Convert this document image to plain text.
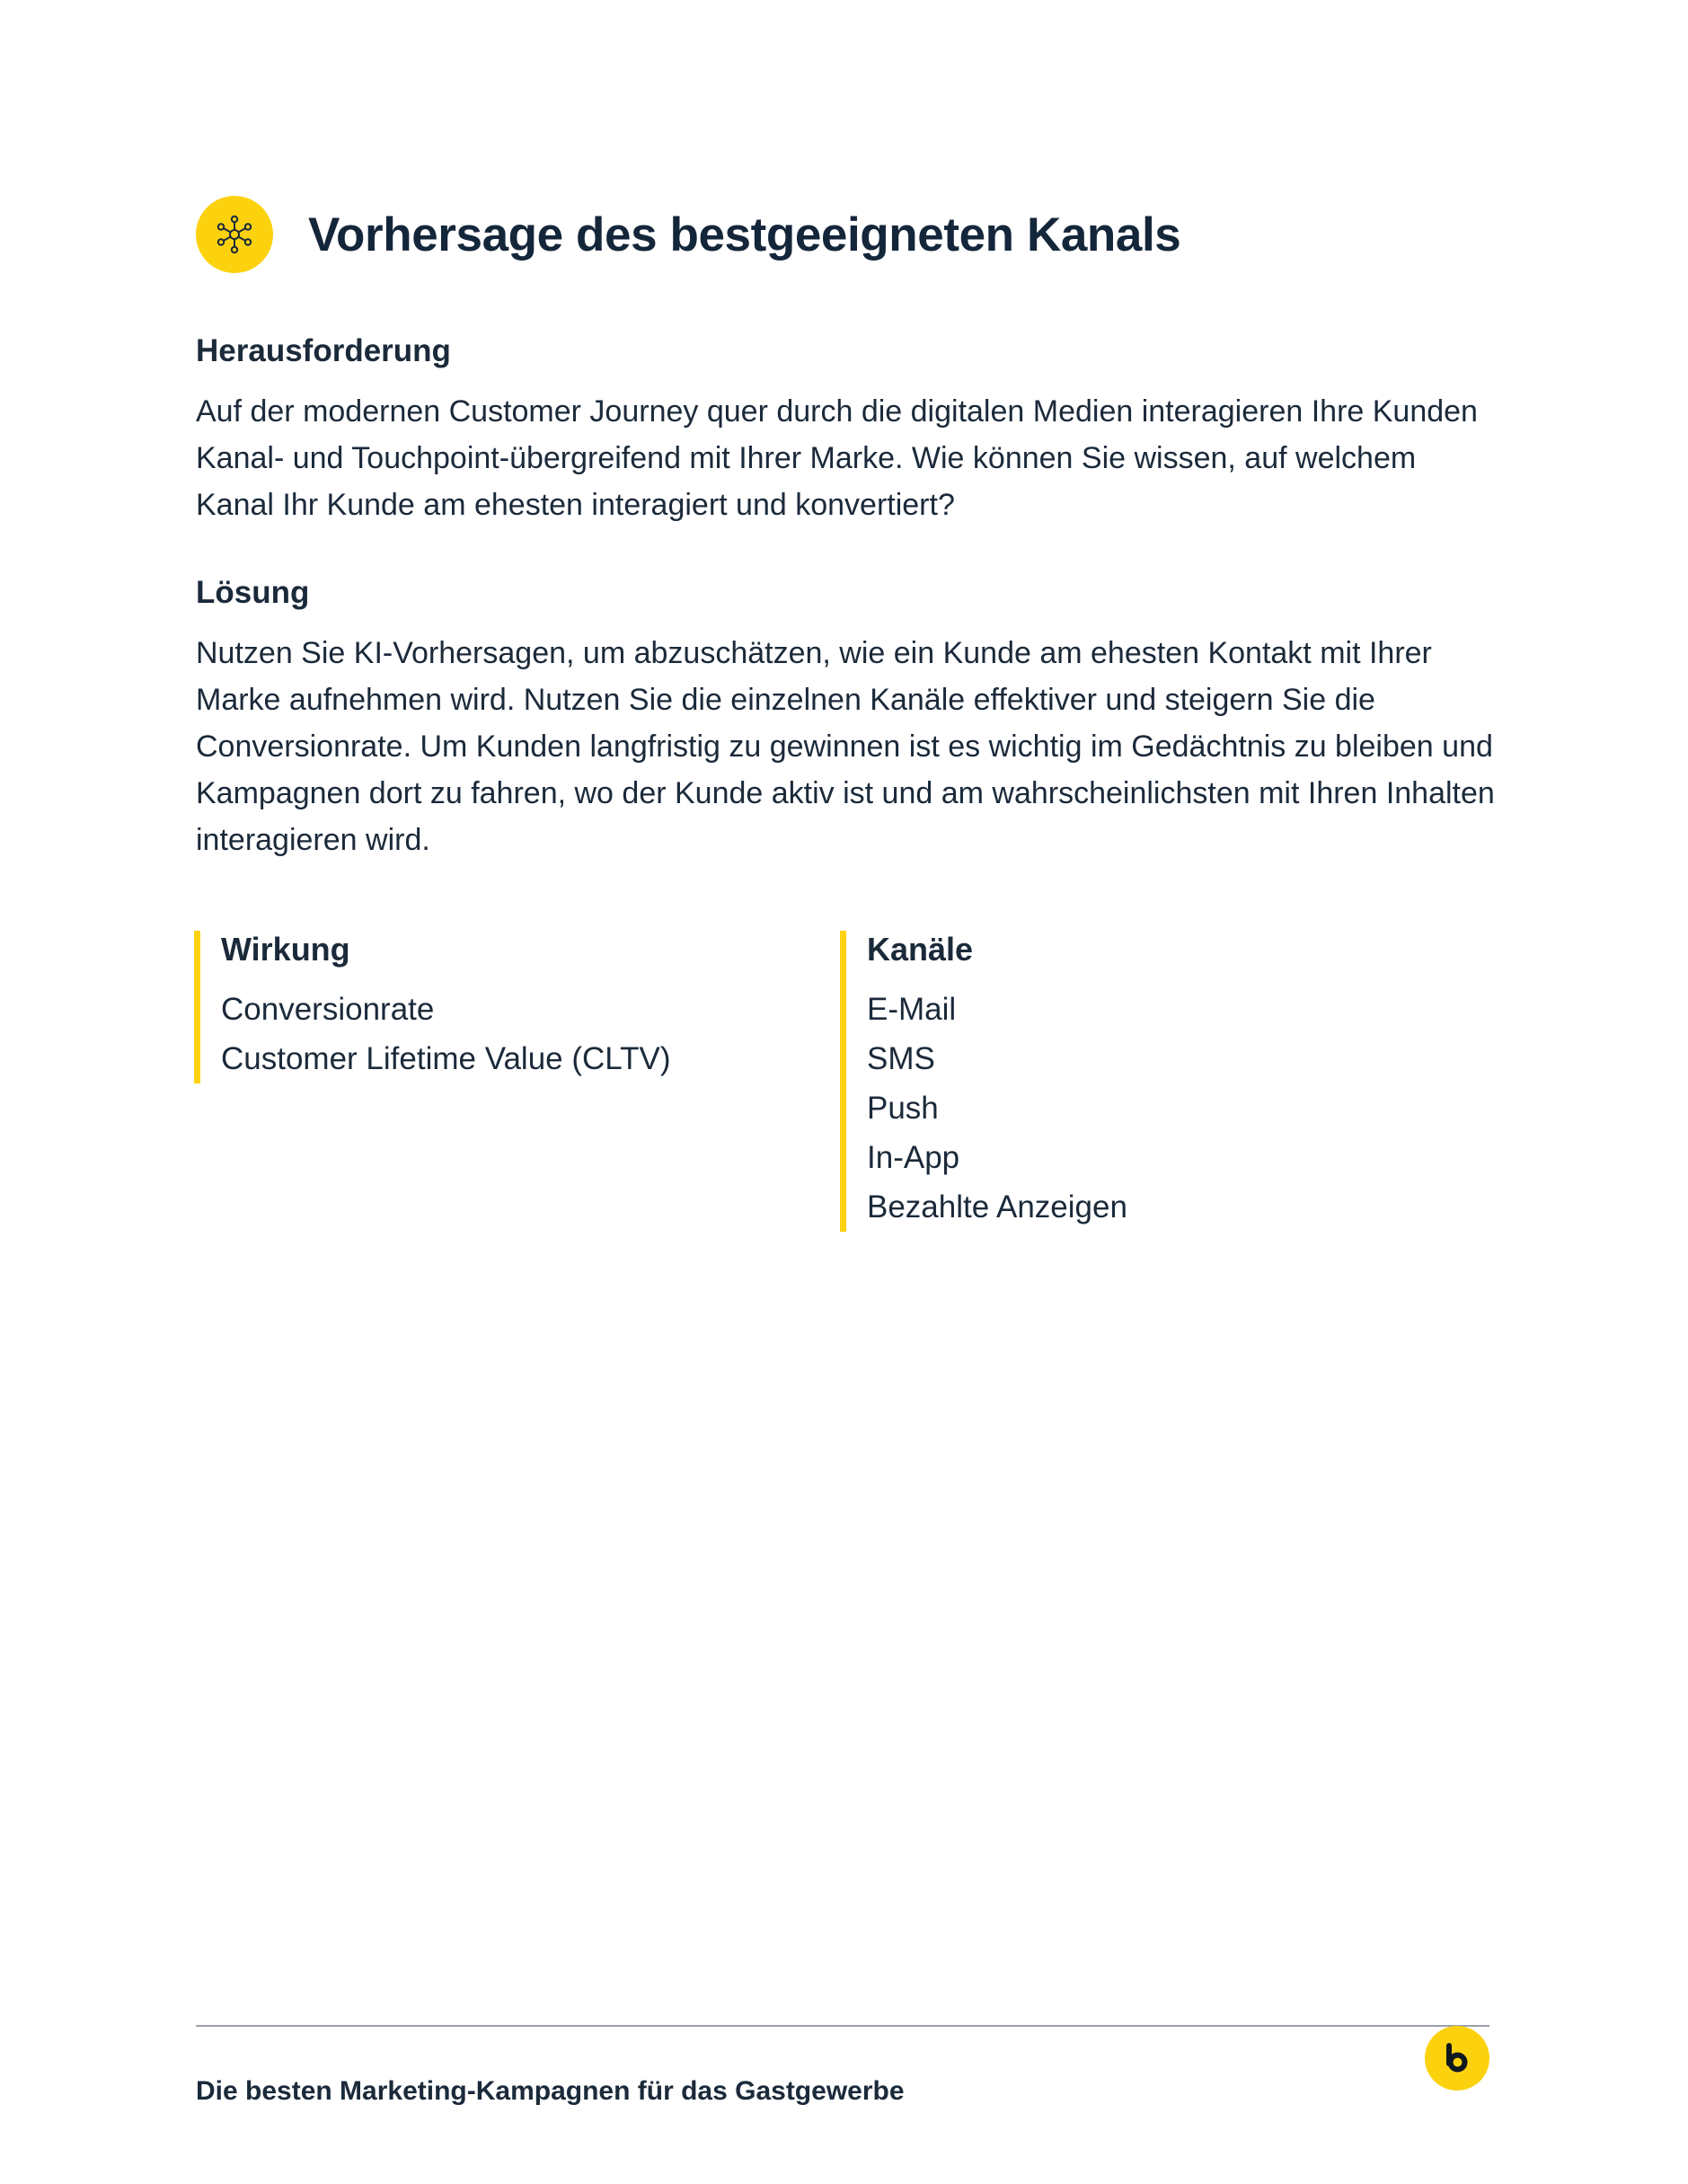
Vorhersage des bestgeeigneten Kanals
Herausforderung

Auf der modernen Customer Journey quer durch die digitalen Medien interagieren Ihre Kunden Kanal- und Touchpoint-übergreifend mit Ihrer Marke. Wie können Sie wissen, auf welchem Kanal Ihr Kunde am ehesten interagiert und konvertiert?

Lösung

Nutzen Sie KI-Vorhersagen, um abzuschätzen, wie ein Kunde am ehesten Kontakt mit Ihrer Marke aufnehmen wird. Nutzen Sie die einzelnen Kanäle effektiver und steigern Sie die Conversionrate. Um Kunden langfristig zu gewinnen ist es wichtig im Gedächtnis zu bleiben und Kampagnen dort zu fahren, wo der Kunde aktiv ist und am wahrscheinlichsten mit Ihren Inhalten interagieren wird.

Wirkung
Conversionrate
Customer Lifetime Value (CLTV)
Kanäle
E-Mail
SMS
Push
In-App
Bezahlte Anzeigen
Die besten Marketing-Kampagnen für das Gastgewerbe
